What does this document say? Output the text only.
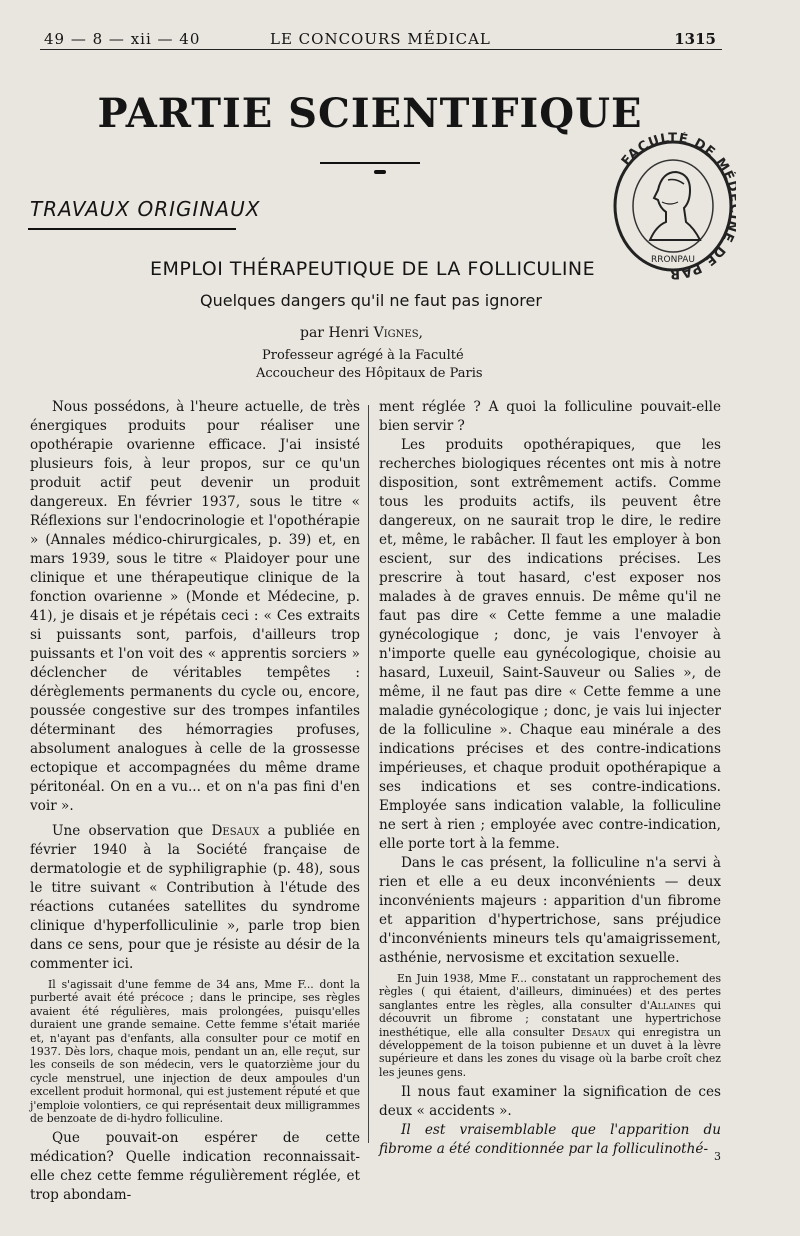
49 — 8 — xii — 40	LE CONCOURS MÉDICAL	1315
PARTIE SCIENTIFIQUE
TRAVAUX ORIGINAUX
FACULTÉ DE MÉ E DE PAR
RRONPAU
EMPLOI THÉRAPEUTIQUE DE LA FOLLICULINE
Quelques dangers qu'il ne faut pas ignorer
par Henri Vignes,
Professeur agrégé à la Faculté
Accoucheur des Hôpitaux de Paris

Nous possédons, à l'heure actuelle, de très énergiques produits pour réaliser une opothérapie ovarienne efficace. J'ai insisté plusieurs fois, à leur propos, sur ce qu'un produit actif peut devenir un produit dangereux. En février 1937, sous le titre « Réflexions sur l'endocrinologie et l'opothérapie » (Annales médico-chirurgicales, p. 39) et, en mars 1939, sous le titre « Plaidoyer pour une clinique et une thérapeutique clinique de la fonction ovarienne » (Monde et Médecine, p. 41), je disais et je répétais ceci : « Ces extraits si puissants sont, parfois, d'ailleurs trop puissants et l'on voit des « apprentis sorciers » déclencher de véritables tempêtes : dérèglements permanents du cycle ou, encore, poussée congestive sur des trompes infantiles déterminant des hémorragies profuses, absolument analogues à celle de la grossesse ectopique et accompagnées du même drame péritonéal. On en a vu... et on n'a pas fini d'en voir ».

Une observation que Desaux a publiée en février 1940 à la Société française de dermatologie et de syphiligraphie (p. 48), sous le titre suivant « Contribution à l'étude des réactions cutanées satellites du syndrome clinique d'hyperfolliculinie », parle trop bien dans ce sens, pour que je résiste au désir de la commenter ici.

Il s'agissait d'une femme de 34 ans, Mme F... dont la purberté avait été précoce ; dans le principe, ses règles avaient été régulières, mais prolongées, puisqu'elles duraient une grande semaine. Cette femme s'était mariée et, n'ayant pas d'enfants, alla consulter pour ce motif en 1937. Dès lors, chaque mois, pendant un an, elle reçut, sur les conseils de son médecin, vers le quatorzième jour du cycle menstruel, une injection de deux ampoules d'un excellent produit hormonal, qui est justement réputé et que j'emploie volontiers, ce qui représentait deux milligrammes de benzoate de di-hydro folliculine.

Que pouvait-on espérer de cette médication? Quelle indication reconnaissait-elle chez cette femme régulièrement réglée, et trop abondam-

ment réglée ? A quoi la folliculine pouvait-elle bien servir ?

Les produits opothérapiques, que les recherches biologiques récentes ont mis à notre disposition, sont extrêmement actifs. Comme tous les produits actifs, ils peuvent être dangereux, on ne saurait trop le dire, le redire et, même, le rabâcher. Il faut les employer à bon escient, sur des indications précises. Les prescrire à tout hasard, c'est exposer nos malades à de graves ennuis. De même qu'il ne faut pas dire « Cette femme a une maladie gynécologique ; donc, je vais l'envoyer à n'importe quelle eau gynécologique, choisie au hasard, Luxeuil, Saint-Sauveur ou Salies », de même, il ne faut pas dire « Cette femme a une maladie gynécologique ; donc, je vais lui injecter de la folliculine ». Chaque eau minérale a des indications précises et des contre-indications impérieuses, et chaque produit opothérapique a ses indications et ses contre-indications. Employée sans indication valable, la folliculine ne sert à rien ; employée avec contre-indication, elle porte tort à la femme.

Dans le cas présent, la folliculine n'a servi à rien et elle a eu deux inconvénients — deux inconvénients majeurs : apparition d'un fibrome et apparition d'hypertrichose, sans préjudice d'inconvénients mineurs tels qu'amaigrissement, asthénie, nervosisme et excitation sexuelle.

En Juin 1938, Mme F... constatant un rapprochement des règles ( qui étaient, d'ailleurs, diminuées) et des pertes sanglantes entre les règles, alla consulter d'Allaines qui découvrit un fibrome ; constatant une hypertrichose inesthétique, elle alla consulter Desaux qui enregistra un développement de la toison pubienne et un duvet à la lèvre supérieure et dans les zones du visage où la barbe croît chez les jeunes gens.

Il nous faut examiner la signification de ces deux « accidents ».

Il est vraisemblable que l'apparition du fibrome a été conditionnée par la folliculinothé- 3
